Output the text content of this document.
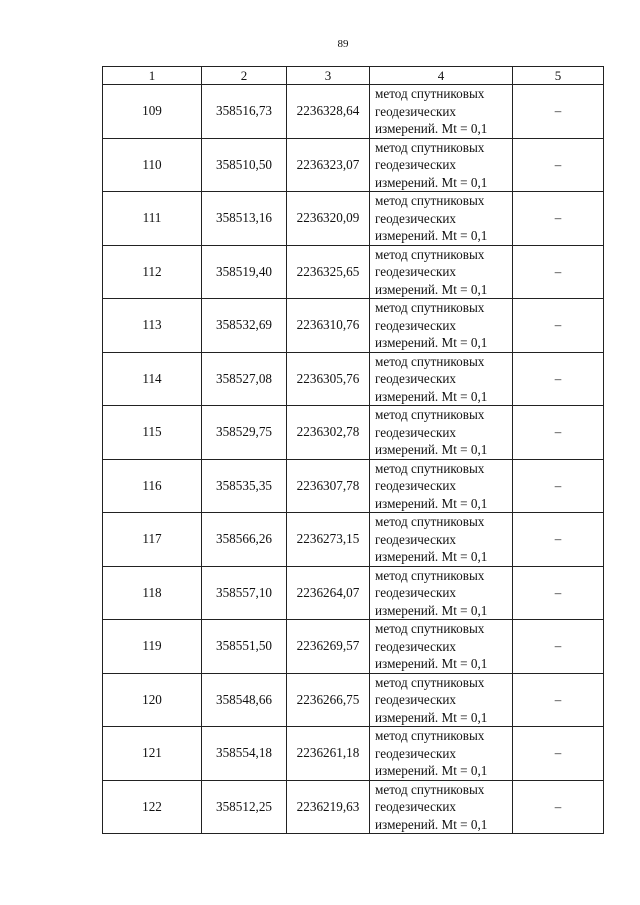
89
1	2	3	4	5
109	358516,73	2236328,64	метод спутниковых
геодезических
измерений. Mt = 0,1	–
110	358510,50	2236323,07	метод спутниковых
геодезических
измерений. Mt = 0,1	–
111	358513,16	2236320,09	метод спутниковых
геодезических
измерений. Mt = 0,1	–
112	358519,40	2236325,65	метод спутниковых
геодезических
измерений. Mt = 0,1	–
113	358532,69	2236310,76	метод спутниковых
геодезических
измерений. Mt = 0,1	–
114	358527,08	2236305,76	метод спутниковых
геодезических
измерений. Mt = 0,1	–
115	358529,75	2236302,78	метод спутниковых
геодезических
измерений. Mt = 0,1	–
116	358535,35	2236307,78	метод спутниковых
геодезических
измерений. Mt = 0,1	–
117	358566,26	2236273,15	метод спутниковых
геодезических
измерений. Mt = 0,1	–
118	358557,10	2236264,07	метод спутниковых
геодезических
измерений. Mt = 0,1	–
119	358551,50	2236269,57	метод спутниковых
геодезических
измерений. Mt = 0,1	–
120	358548,66	2236266,75	метод спутниковых
геодезических
измерений. Mt = 0,1	–
121	358554,18	2236261,18	метод спутниковых
геодезических
измерений. Mt = 0,1	–
122	358512,25	2236219,63	метод спутниковых
геодезических
измерений. Mt = 0,1	–
